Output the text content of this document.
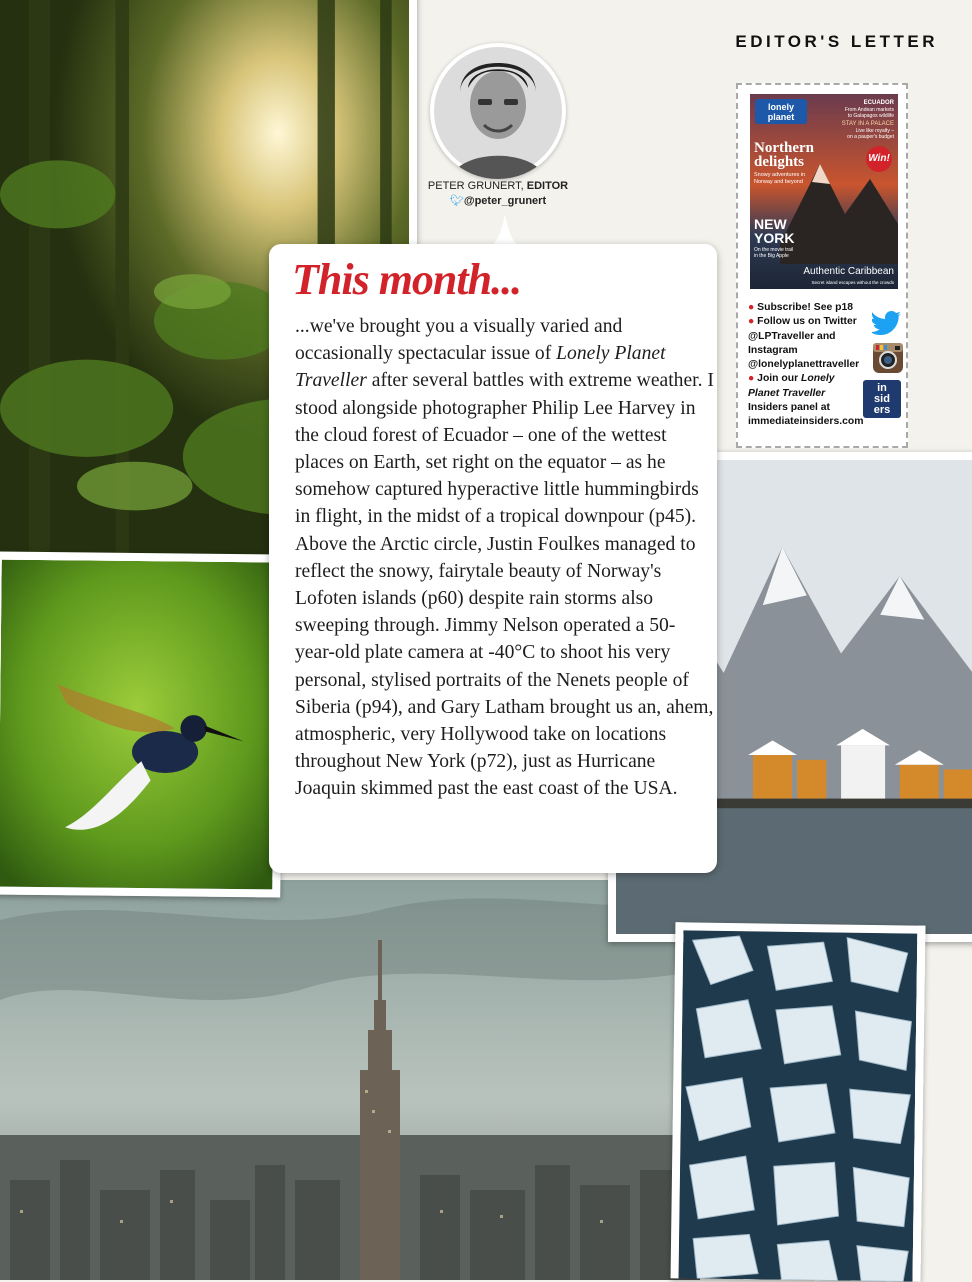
EDITOR'S LETTER
PETER GRUNERT, EDITOR
🐦︎@peter_grunert
This month...
...we've brought you a visually varied and occasionally spectacular issue of Lonely Planet Traveller after several battles with extreme weather. I stood alongside photographer Philip Lee Harvey in the cloud forest of Ecuador – one of the wettest places on Earth, set right on the equator – as he somehow captured hyperactive little hummingbirds in flight, in the midst of a tropical downpour (p45). Above the Arctic circle, Justin Foulkes managed to reflect the snowy, fairytale beauty of Norway's Lofoten islands (p60) despite rain storms also sweeping through. Jimmy Nelson operated a 50-year-old plate camera at -40°C to shoot his very personal, stylised portraits of the Nenets people of Siberia (p94), and Gary Latham brought us an, ahem, atmospheric, very Hollywood take on locations throughout New York (p72), just as Hurricane Joaquin skimmed past the east coast of the USA.
lonely
planet
ECUADOR
From Andean markets
to Galapagos wildlife
STAY IN A PALACE
Live like royalty –
on a pauper's budget
Win!
Northern
delights
Snowy adventures in
Norway and beyond
NEW
YORK
On the movie trail
in the Big Apple
Authentic Caribbean
Secret island escapes without the crowds
● Subscribe! See p18
● Follow us on Twitter
@LPTraveller and
Instagram
@lonelyplanettraveller
● Join our Lonely
Planet Traveller
Insiders panel at
immediateinsiders.com
in
sid
ers
